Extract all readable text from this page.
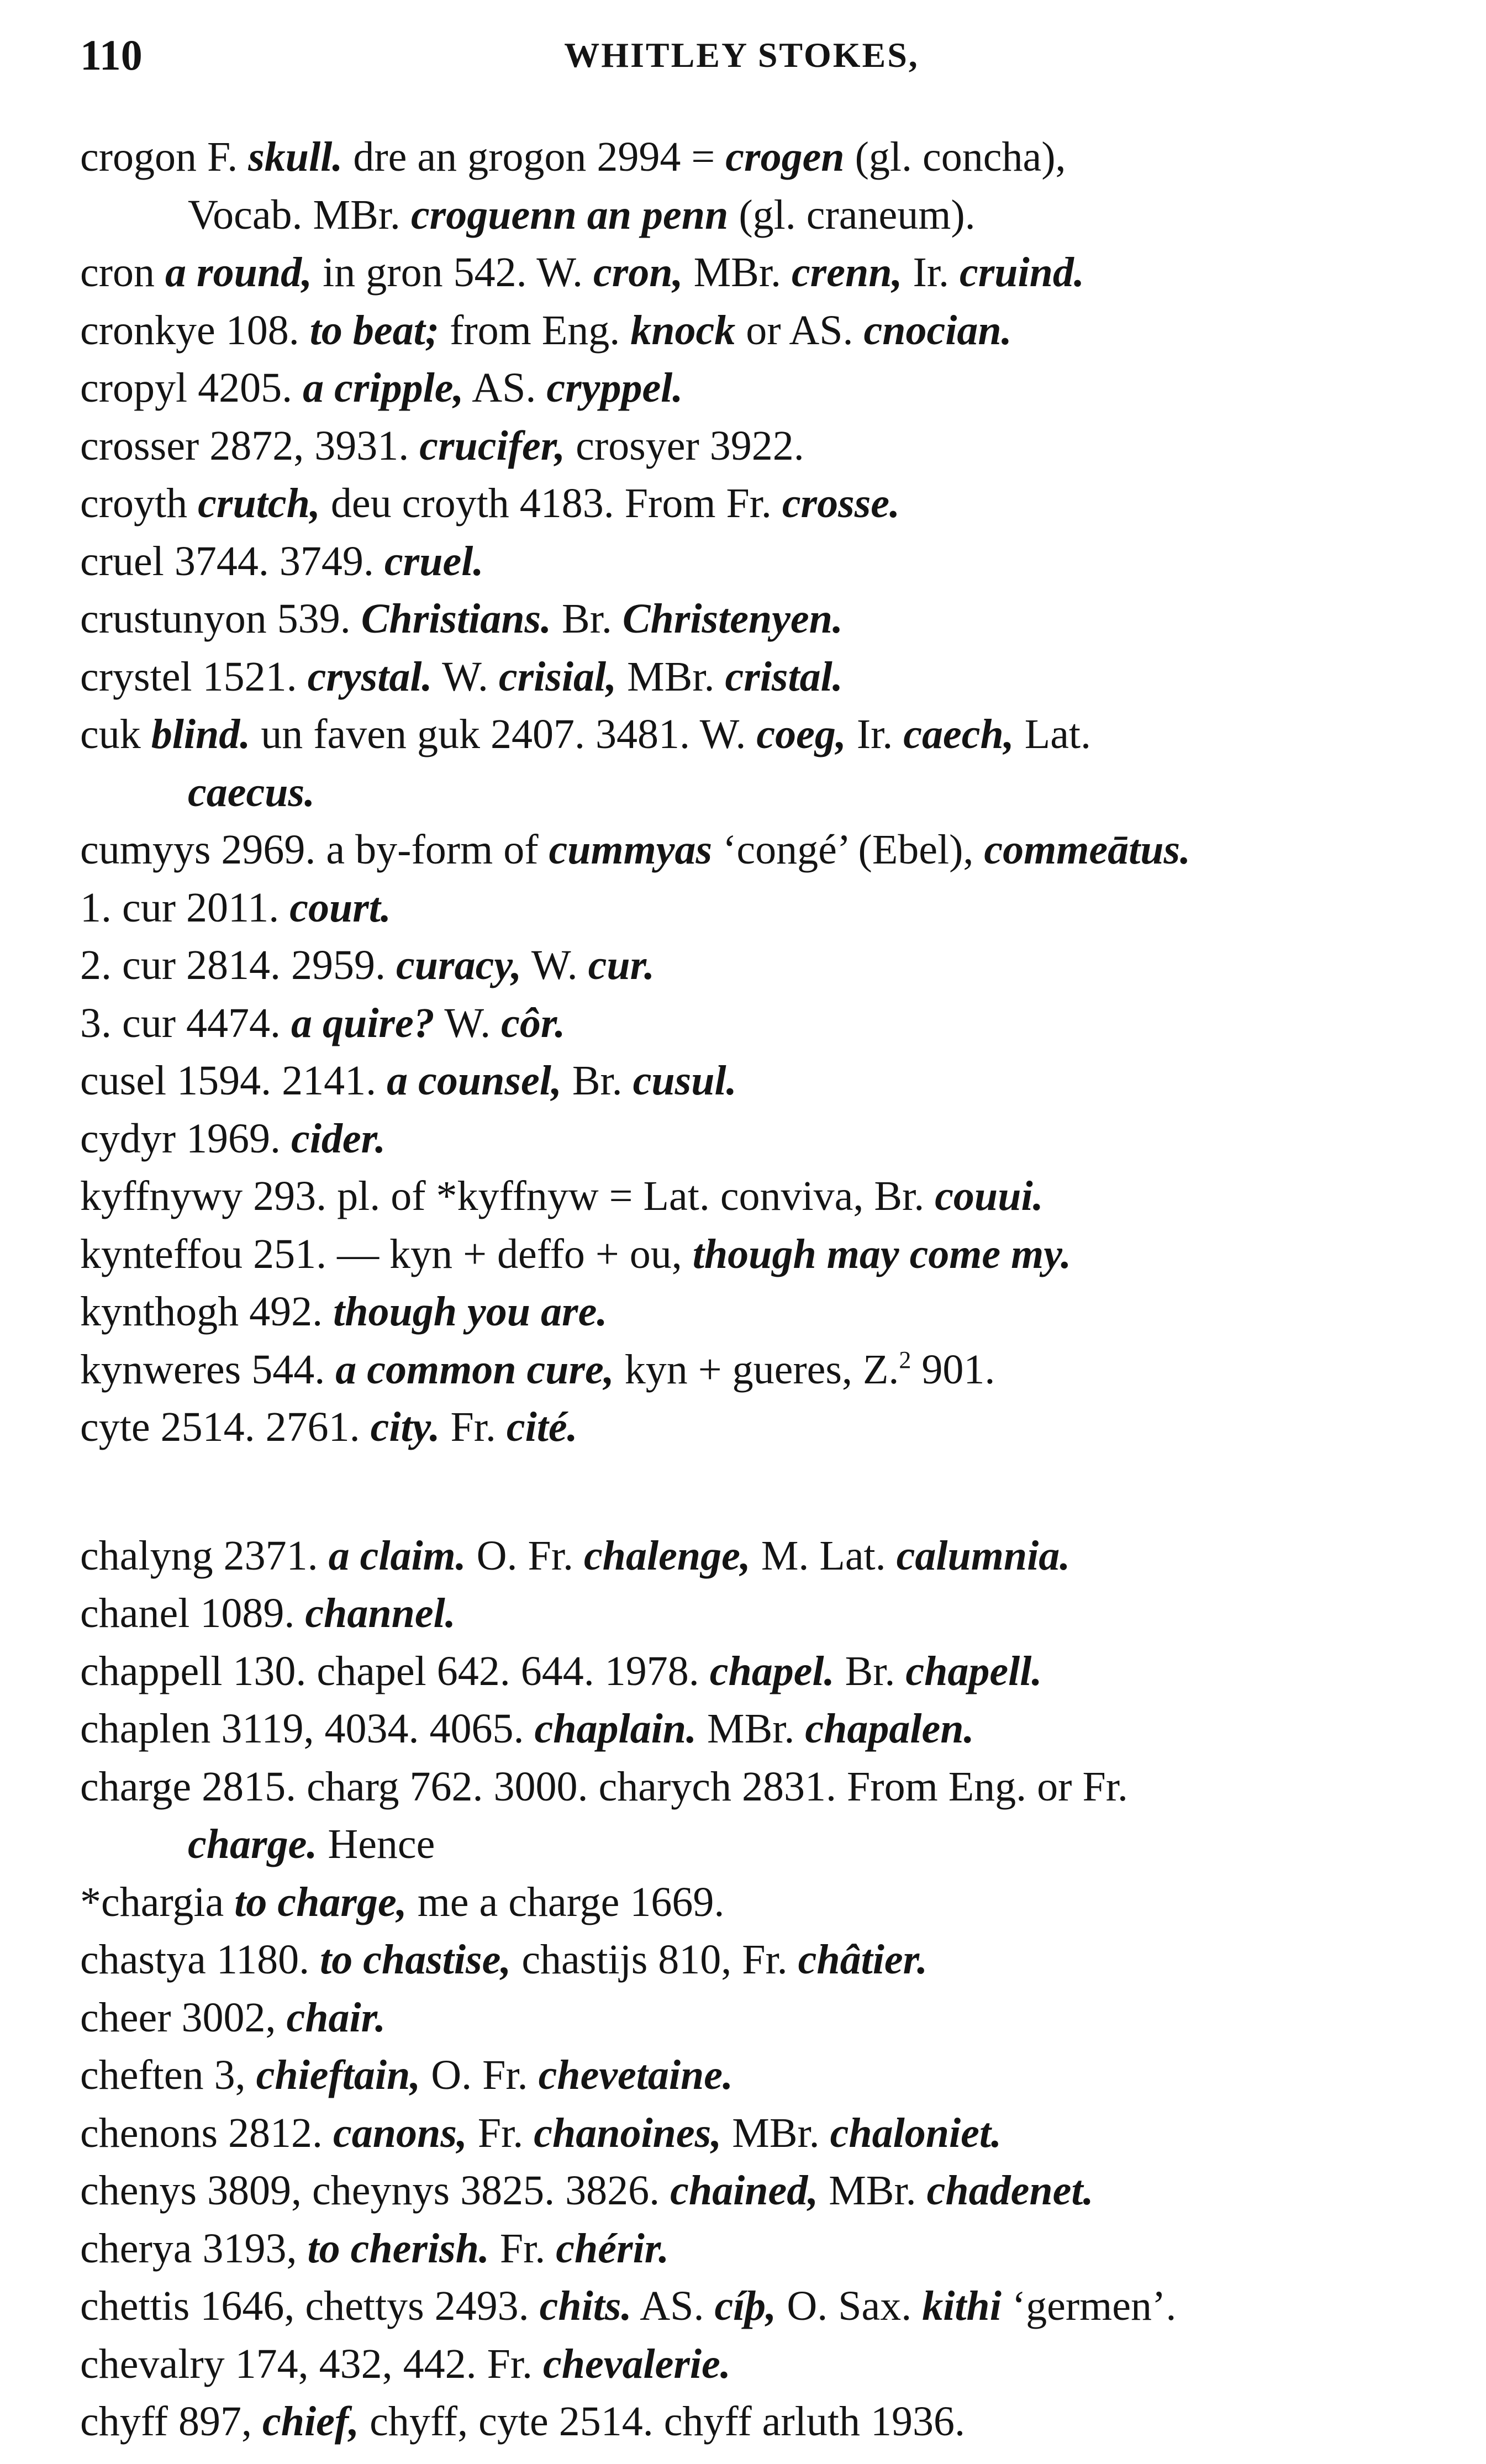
110	WHITLEY STOKES,
crogon F. skull. dre an grogon 2994 = crogen (gl. concha),
Vocab. MBr. croguenn an penn (gl. craneum).
cron a round, in gron 542. W. cron, MBr. crenn, Ir. cruind.
cronkye 108. to beat; from Eng. knock or AS. cnocian.
cropyl 4205. a cripple, AS. cryppel.
crosser 2872, 3931. crucifer, crosyer 3922.
croyth crutch, deu croyth 4183. From Fr. crosse.
cruel 3744. 3749. cruel.
crustunyon 539. Christians. Br. Christenyen.
crystel 1521. crystal. W. crisial, MBr. cristal.
cuk blind. un faven guk 2407. 3481. W. coeg, Ir. caech, Lat.
caecus.
cumyys 2969. a by-form of cummyas ‘congé’ (Ebel), commeātus.
1. cur 2011. court.
2. cur 2814. 2959. curacy, W. cur.
3. cur 4474. a quire? W. côr.
cusel 1594. 2141. a counsel, Br. cusul.
cydyr 1969. cider.
kyffnywy 293. pl. of *kyffnyw = Lat. conviva, Br. couui.
kynteffou 251. — kyn + deffo + ou, though may come my.
kynthogh 492. though you are.
kynweres 544. a common cure, kyn + gueres, Z.$^2$ 901.
cyte 2514. 2761. city. Fr. cité.
chalyng 2371. a claim. O. Fr. chalenge, M. Lat. calumnia.
chanel 1089. channel.
chappell 130. chapel 642. 644. 1978. chapel. Br. chapell.
chaplen 3119, 4034. 4065. chaplain. MBr. chapalen.
charge 2815. charg 762. 3000. charych 2831. From Eng. or Fr.
charge. Hence
*chargia to charge, me a charge 1669.
chastya 1180. to chastise, chastijs 810, Fr. châtier.
cheer 3002, chair.
cheften 3, chieftain, O. Fr. chevetaine.
chenons 2812. canons, Fr. chanoines, MBr. chaloniet.
chenys 3809, cheynys 3825. 3826. chained, MBr. chadenet.
cherya 3193, to cherish. Fr. chérir.
chettis 1646, chettys 2493. chits. AS. cíþ, O. Sax. kithi ‘germen’.
chevalry 174, 432, 442. Fr. chevalerie.
chyff 897, chief, chyff, cyte 2514. chyff arluth 1936.
